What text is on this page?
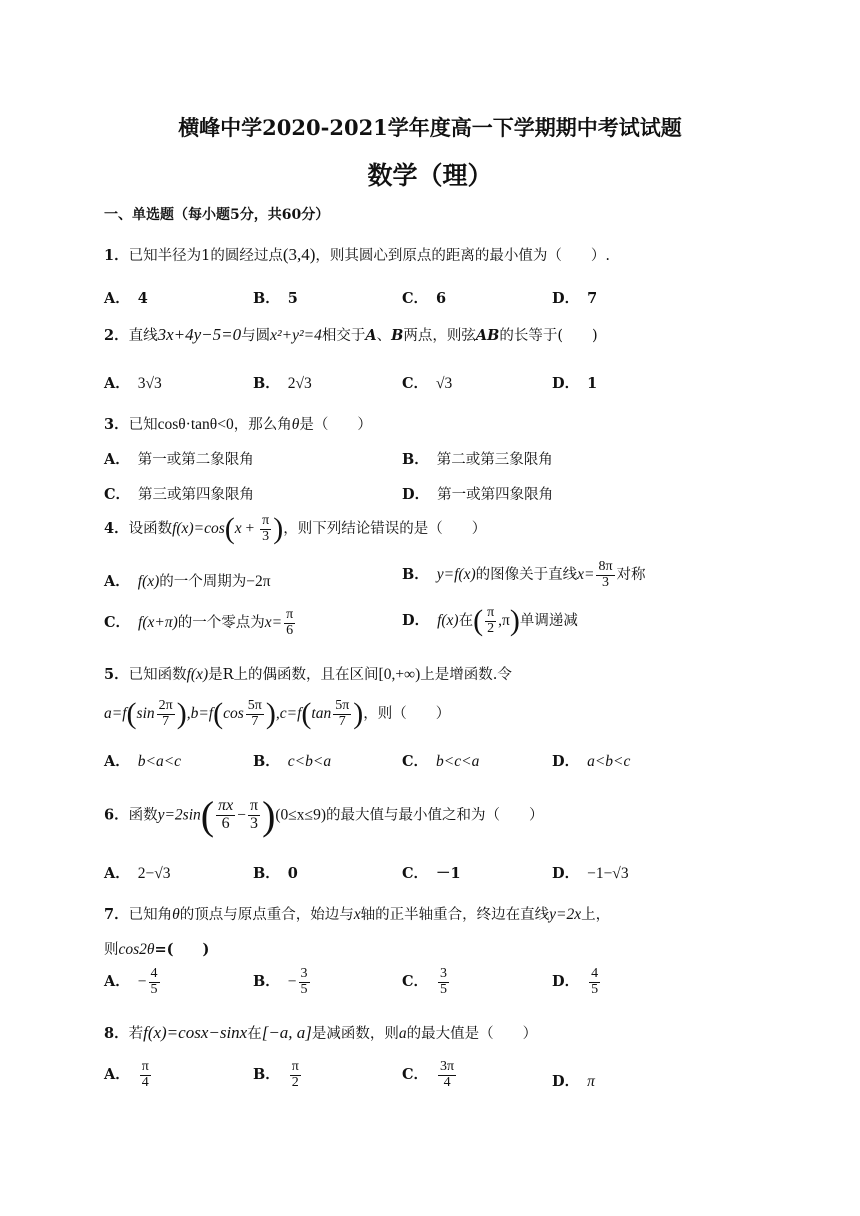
横峰中学2020-2021学年度高一下学期期中考试试题
数学（理）
一、单选题（每小题5分，共60分）
1．已知半径为1的圆经过点(3,4)，则其圆心到原点的距离的最小值为（　　）.
A． 4	B． 5	C． 6	D． 7
2．直线3x+4y−5=0与圆x²+y²=4相交于A、B两点，则弦AB的长等于(　　)
A． 3√3	B． 2√3	C． √3	D． 1
3．已知cosθ·tanθ<0，那么角θ是（　　）
A． 第一或第二象限角	B． 第二或第三象限角
C． 第三或第四象限角	D． 第一或第四象限角
4．设函数$f(x)=\cos(x + \frac{\pi}{3}$ )，则下列结论错误的是（　　）
A． f(x)的一个周期为−2π	B． y=f(x)的图像关于直线$x= \frac{8\pi}{3}$ 对称
C． f(x+π)的一个零点为$x= \frac{\pi}{6}$	D． f(x)在( $\frac{\pi}{2} ,\pi$)单调递减
5．已知函数f(x)是R上的偶函数，且在区间[0,+∞)上是增函数.令
$a=f(\sin \frac{2\pi}{7} ),b=f(\cos \frac{5\pi}{7} ),c=f(\tan \frac{5\pi}{7}$ )，则（　　）
A． b<a<c	B． c<b<a	C． b<c<a	D． a<b<c
6．函数$y=2\sin( \frac{\pi x}{6} - \frac{\pi}{3} )(0\le x\le 9)$的最大值与最小值之和为（　　）
A． 2−√3	B． 0	C． －1	D． −1−√3
7．已知角θ的顶点与原点重合，始边与x轴的正半轴重合，终边在直线y=2x上，
则cos2θ=(　　)
A． − $\frac{4}{5}$	B． − $\frac{3}{5}$	C． $\frac{3}{5}$	D． $\frac{4}{5}$
8．若f(x)=cosx−sinx在[−a, a]是减函数，则a的最大值是（　　）
A． $\frac{\pi}{4}$	B． $\frac{\pi}{2}$	C． $\frac{3\pi}{4}$	D． π
